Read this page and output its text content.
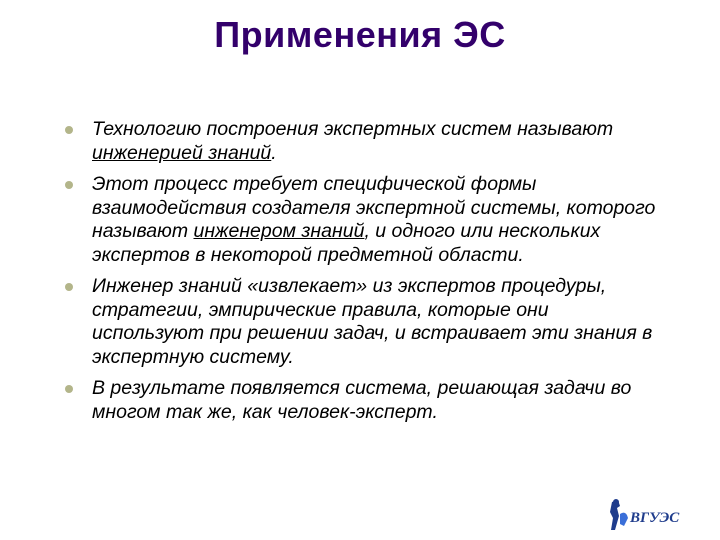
Применения ЭС
Технологию построения экспертных систем называют инженерией знаний.
Этот процесс требует специфической формы взаимодействия создателя экспертной системы, которого называют инженером знаний, и одного или нескольких экспертов в некоторой предметной области.
Инженер знаний «извлекает» из экспертов процедуры, стратегии, эмпирические правила, которые они используют при решении задач, и встраивает эти знания в экспертную систему.
В результате появляется система, решающая задачи во многом так же, как человек-эксперт.
ВГУЭС
